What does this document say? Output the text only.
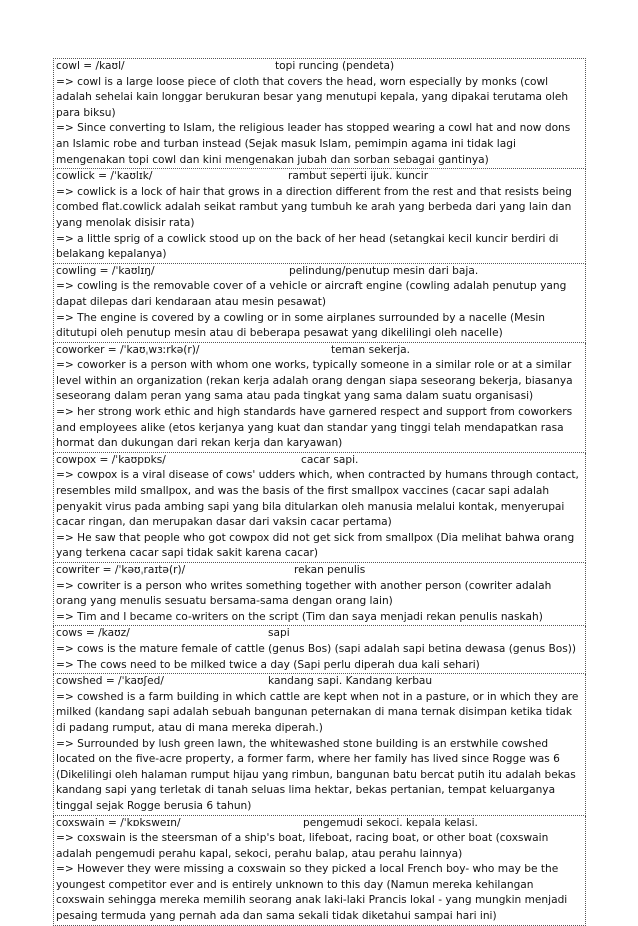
cowl = /kaʊl/	topi runcing (pendeta)
=> cowl is a large loose piece of cloth that covers the head, worn especially by monks (cowl adalah sehelai kain longgar berukuran besar yang menutupi kepala, yang dipakai terutama oleh para biksu)
=> Since converting to Islam, the religious leader has stopped wearing a cowl hat and now dons an Islamic robe and turban instead (Sejak masuk Islam, pemimpin agama ini tidak lagi mengenakan topi cowl dan kini mengenakan jubah dan sorban sebagai gantinya)
cowlick = /ˈkaʊlɪk/	rambut seperti ijuk. kuncir
=> cowlick is a lock of hair that grows in a direction different from the rest and that resists being combed flat.cowlick adalah seikat rambut yang tumbuh ke arah yang berbeda dari yang lain dan yang menolak disisir rata)
=> a little sprig of a cowlick stood up on the back of her head (setangkai kecil kuncir berdiri di belakang kepalanya)
cowling = /ˈkaʊlɪŋ/	pelindung/penutup mesin dari baja.
=> cowling is the removable cover of a vehicle or aircraft engine (cowling adalah penutup yang dapat dilepas dari kendaraan atau mesin pesawat)
=> The engine is covered by a cowling or in some airplanes surrounded by a nacelle (Mesin ditutupi oleh penutup mesin atau di beberapa pesawat yang dikelilingi oleh nacelle)
coworker = /ˈkaʊˌwɜːrkə(r)/	teman sekerja.
=> coworker is a person with whom one works, typically someone in a similar role or at a similar level within an organization (rekan kerja adalah orang dengan siapa seseorang bekerja, biasanya seseorang dalam peran yang sama atau pada tingkat yang sama dalam suatu organisasi)
=> her strong work ethic and high standards have garnered respect and support from coworkers and employees alike (etos kerjanya yang kuat dan standar yang tinggi telah mendapatkan rasa hormat dan dukungan dari rekan kerja dan karyawan)
cowpox = /ˈkaʊpɒks/	cacar sapi.
=> cowpox is a viral disease of cows' udders which, when contracted by humans through contact, resembles mild smallpox, and was the basis of the first smallpox vaccines (cacar sapi adalah penyakit virus pada ambing sapi yang bila ditularkan oleh manusia melalui kontak, menyerupai cacar ringan, dan merupakan dasar dari vaksin cacar pertama)
=> He saw that people who got cowpox did not get sick from smallpox (Dia melihat bahwa orang yang terkena cacar sapi tidak sakit karena cacar)
cowriter = /ˈkəʊˌraɪtə(r)/	rekan penulis
=> cowriter is a person who writes something together with another person (cowriter adalah orang yang menulis sesuatu bersama-sama dengan orang lain)
=> Tim and I became co-writers on the script (Tim dan saya menjadi rekan penulis naskah)
cows = /kaʊz/	sapi
=> cows is the mature female of cattle (genus Bos) (sapi adalah sapi betina dewasa (genus Bos))
=> The cows need to be milked twice a day (Sapi perlu diperah dua kali sehari)
cowshed = /ˈkaʊʃed/	kandang sapi. Kandang kerbau
=> cowshed is a farm building in which cattle are kept when not in a pasture, or in which they are milked (kandang sapi adalah sebuah bangunan peternakan di mana ternak disimpan ketika tidak di padang rumput, atau di mana mereka diperah.)
=> Surrounded by lush green lawn, the whitewashed stone building is an erstwhile cowshed located on the five-acre property, a former farm, where her family has lived since Rogge was 6 (Dikelilingi oleh halaman rumput hijau yang rimbun, bangunan batu bercat putih itu adalah bekas kandang sapi yang terletak di tanah seluas lima hektar, bekas pertanian, tempat keluarganya tinggal sejak Rogge berusia 6 tahun)
coxswain = /ˈkɒksweɪn/	pengemudi sekoci. kepala kelasi.
=> coxswain is the steersman of a ship's boat, lifeboat, racing boat, or other boat (coxswain adalah pengemudi perahu kapal, sekoci, perahu balap, atau perahu lainnya)
=> However they were missing a coxswain so they picked a local French boy- who may be the youngest competitor ever and is entirely unknown to this day (Namun mereka kehilangan coxswain sehingga mereka memilih seorang anak laki-laki Prancis lokal - yang mungkin menjadi pesaing termuda yang pernah ada dan sama sekali tidak diketahui sampai hari ini)
